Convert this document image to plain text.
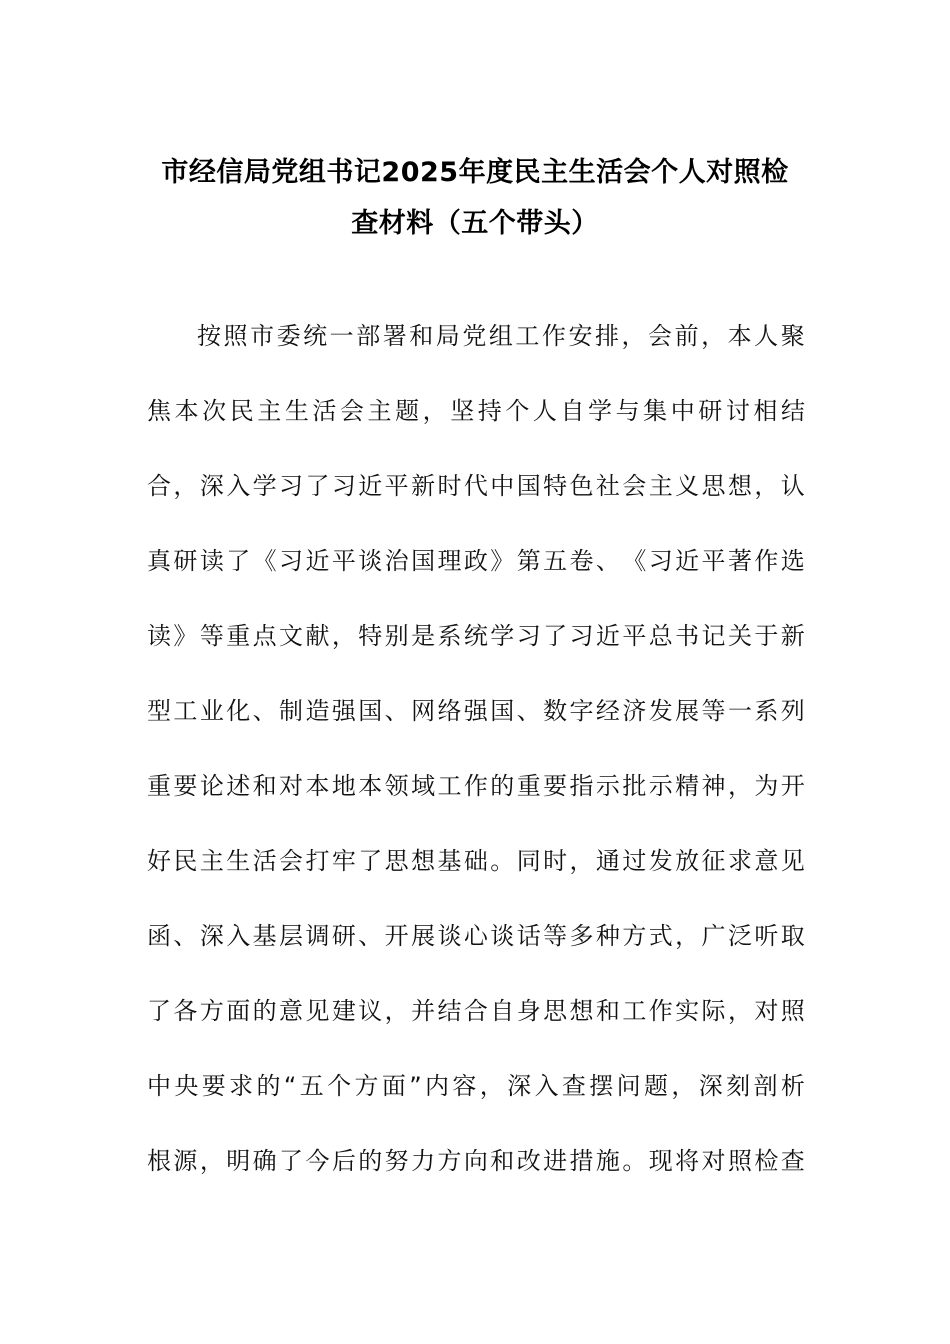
市经信局党组书记2025年度民主生活会个人对照检
查材料（五个带头）
按 照 市 委 统 一 部 署 和 局 党 组 工 作 安 排 ， 会 前 ， 本 人 聚
焦 本 次 民 主 生 活 会 主 题 ， 坚 持 个 人 自 学 与 集 中 研 讨 相 结
合 ， 深 入 学 习 了 习 近 平 新 时 代 中 国 特 色 社 会 主 义 思 想 ， 认
真 研 读 了 《 习 近 平 谈 治 国 理 政 》 第 五 卷 、 《 习 近 平 著 作 选
读 》 等 重 点 文 献 ， 特 别 是 系 统 学 习 了 习 近 平 总 书 记 关 于 新
型 工 业 化 、 制 造 强 国 、 网 络 强 国 、 数 字 经 济 发 展 等 一 系 列
重 要 论 述 和 对 本 地 本 领 域 工 作 的 重 要 指 示 批 示 精 神 ， 为 开
好 民 主 生 活 会 打 牢 了 思 想 基 础 。 同 时 ， 通 过 发 放 征 求 意 见
函 、 深 入 基 层 调 研 、 开 展 谈 心 谈 话 等 多 种 方 式 ， 广 泛 听 取
了 各 方 面 的 意 见 建 议 ， 并 结 合 自 身 思 想 和 工 作 实 际 ， 对 照
中 央 要 求 的 “ 五 个 方 面 ” 内 容 ， 深 入 查 摆 问 题 ， 深 刻 剖 析
根 源 ， 明 确 了 今 后 的 努 力 方 向 和 改 进 措 施 。 现 将 对 照 检 查
